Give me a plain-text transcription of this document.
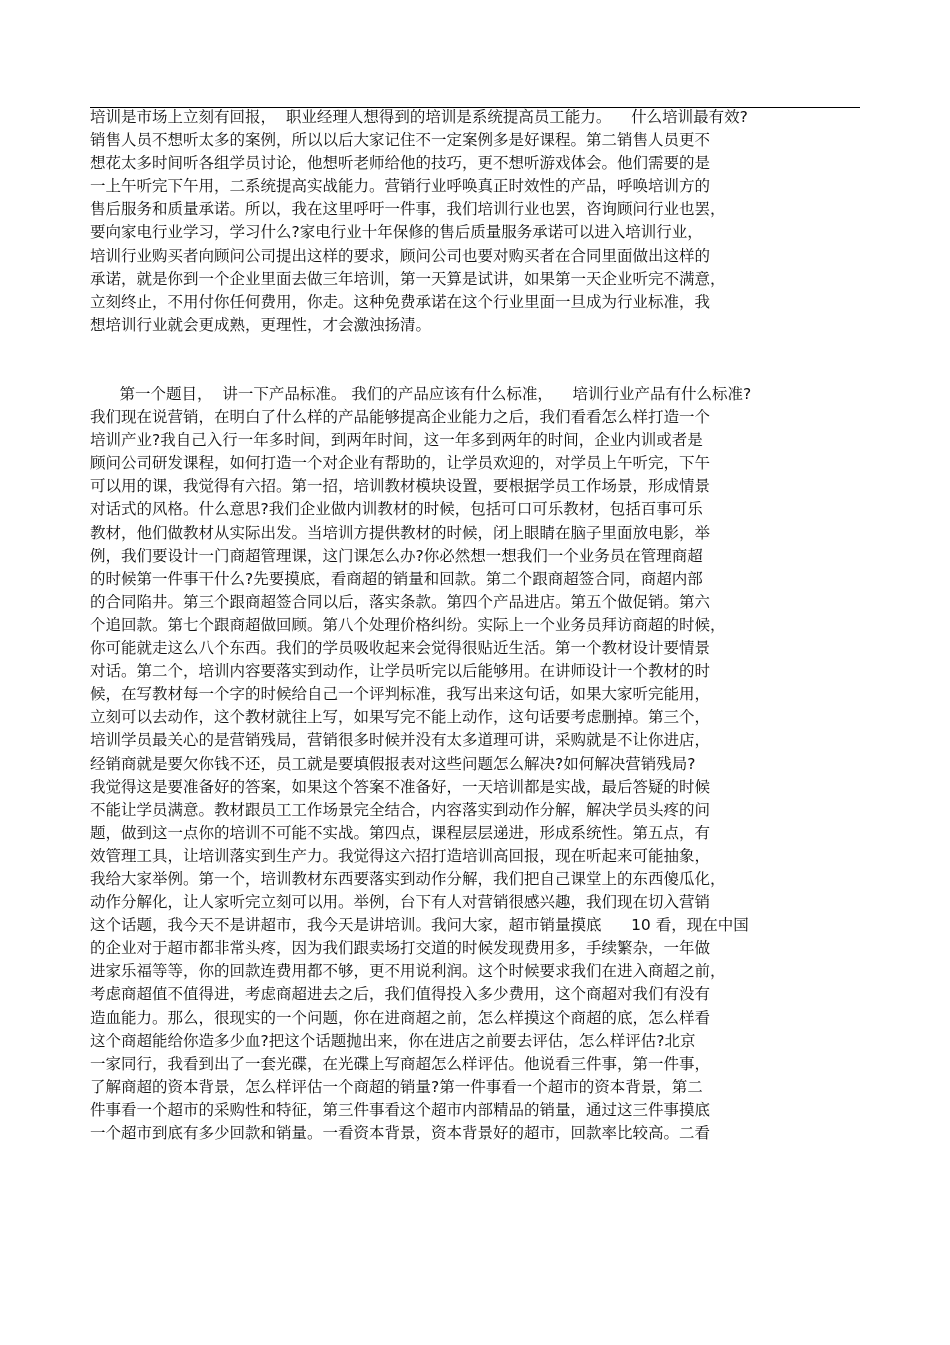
培训是市场上立刻有回报，  职业经理人想得到的培训是系统提高员工能力。    什么培训最有效?
销售人员不想听太多的案例，所以以后大家记住不一定案例多是好课程。第二销售人员更不
想花太多时间听各组学员讨论，他想听老师给他的技巧，更不想听游戏体会。他们需要的是
一上午听完下午用，二系统提高实战能力。营销行业呼唤真正时效性的产品，呼唤培训方的
售后服务和质量承诺。所以，我在这里呼吁一件事，我们培训行业也罢，咨询顾问行业也罢，
要向家电行业学习，学习什么?家电行业十年保修的售后质量服务承诺可以进入培训行业，
培训行业购买者向顾问公司提出这样的要求，顾问公司也要对购买者在合同里面做出这样的
承诺，就是你到一个企业里面去做三年培训，第一天算是试讲，如果第一天企业听完不满意，
立刻终止，不用付你任何费用，你走。这种免费承诺在这个行业里面一旦成为行业标准，我
想培训行业就会更成熟，更理性，才会激浊扬清。
第一个题目，  讲一下产品标准。 我们的产品应该有什么标准，    培训行业产品有什么标准?
我们现在说营销，在明白了什么样的产品能够提高企业能力之后，我们看看怎么样打造一个
培训产业?我自己入行一年多时间，到两年时间，这一年多到两年的时间，企业内训或者是
顾问公司研发课程，如何打造一个对企业有帮助的，让学员欢迎的，对学员上午听完，下午
可以用的课，我觉得有六招。第一招，培训教材模块设置，要根据学员工作场景，形成情景
对话式的风格。什么意思?我们企业做内训教材的时候，包括可口可乐教材，包括百事可乐
教材，他们做教材从实际出发。当培训方提供教材的时候，闭上眼睛在脑子里面放电影，举
例，我们要设计一门商超管理课，这门课怎么办?你必然想一想我们一个业务员在管理商超
的时候第一件事干什么?先要摸底，看商超的销量和回款。第二个跟商超签合同，商超内部
的合同陷井。第三个跟商超签合同以后，落实条款。第四个产品进店。第五个做促销。第六
个追回款。第七个跟商超做回顾。第八个处理价格纠纷。实际上一个业务员拜访商超的时候，
你可能就走这么八个东西。我们的学员吸收起来会觉得很贴近生活。第一个教材设计要情景
对话。第二个，培训内容要落实到动作，让学员听完以后能够用。在讲师设计一个教材的时
候，在写教材每一个字的时候给自己一个评判标准，我写出来这句话，如果大家听完能用，
立刻可以去动作，这个教材就往上写，如果写完不能上动作，这句话要考虑删掉。第三个，
培训学员最关心的是营销残局，营销很多时候并没有太多道理可讲，采购就是不让你进店，
经销商就是要欠你钱不还，员工就是要填假报表对这些问题怎么解决?如何解决营销残局?
我觉得这是要准备好的答案，如果这个答案不准备好，一天培训都是实战，最后答疑的时候
不能让学员满意。教材跟员工工作场景完全结合，内容落实到动作分解，解决学员头疼的问
题，做到这一点你的培训不可能不实战。第四点，课程层层递进，形成系统性。第五点，有
效管理工具，让培训落实到生产力。我觉得这六招打造培训高回报，现在听起来可能抽象，
我给大家举例。第一个，培训教材东西要落实到动作分解，我们把自己课堂上的东西傻瓜化，
动作分解化，让人家听完立刻可以用。举例，台下有人对营销很感兴趣，我们现在切入营销
这个话题，我今天不是讲超市，我今天是讲培训。我问大家，超市销量摸底      10 看，现在中国
的企业对于超市都非常头疼，因为我们跟卖场打交道的时候发现费用多，手续繁杂，一年做
进家乐福等等，你的回款连费用都不够，更不用说利润。这个时候要求我们在进入商超之前，
考虑商超值不值得进，考虑商超进去之后，我们值得投入多少费用，这个商超对我们有没有
造血能力。那么，很现实的一个问题，你在进商超之前，怎么样摸这个商超的底，怎么样看
这个商超能给你造多少血?把这个话题抛出来，你在进店之前要去评估，怎么样评估?北京
一家同行，我看到出了一套光碟，在光碟上写商超怎么样评估。他说看三件事，第一件事，
了解商超的资本背景，怎么样评估一个商超的销量?第一件事看一个超市的资本背景，第二
件事看一个超市的采购性和特征，第三件事看这个超市内部精品的销量，通过这三件事摸底
一个超市到底有多少回款和销量。一看资本背景，资本背景好的超市，回款率比较高。二看
